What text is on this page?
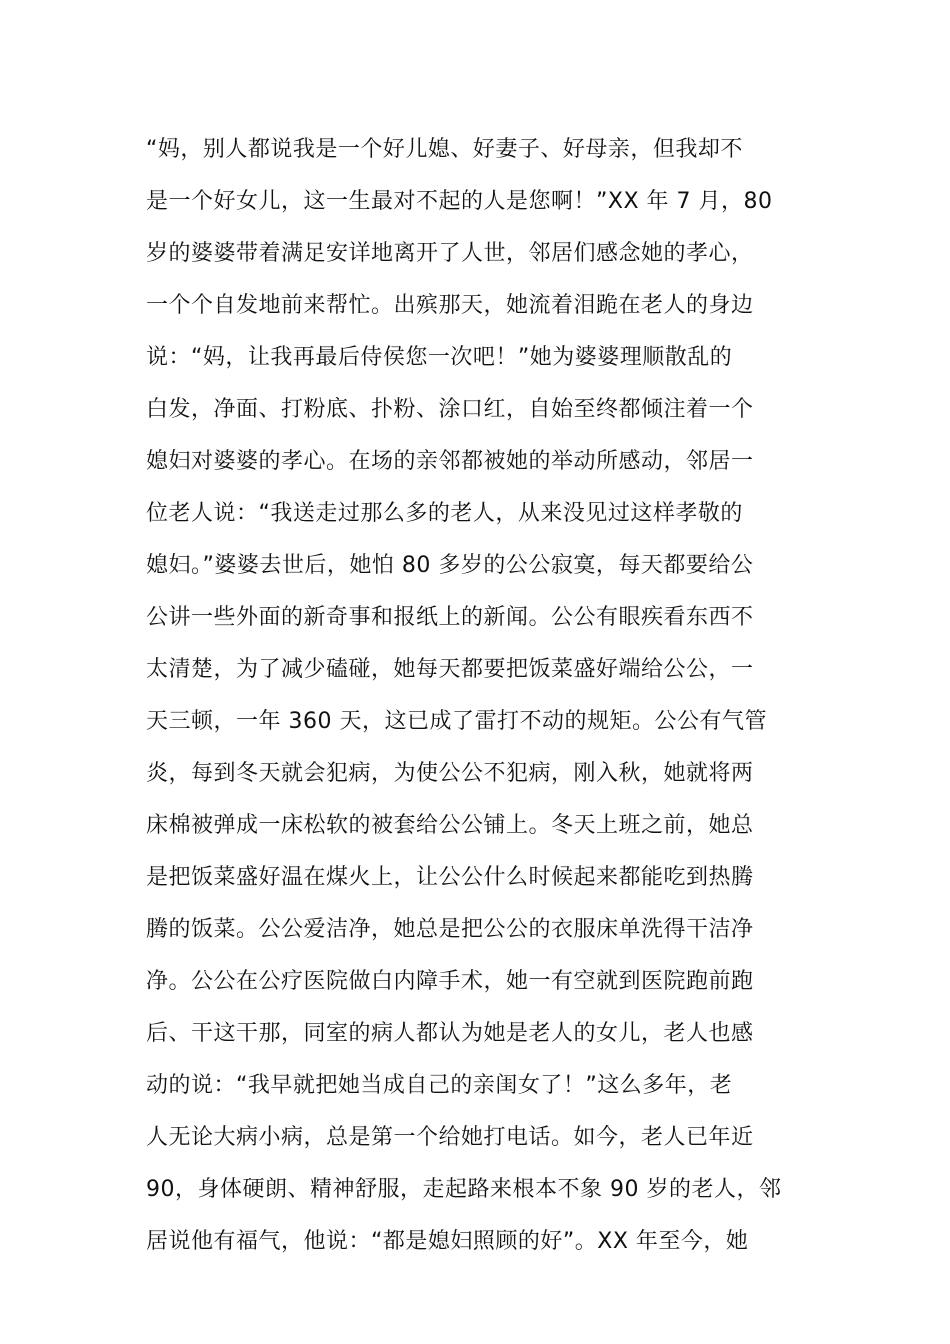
“妈，别人都说我是一个好儿媳、好妻子、好母亲，但我却不
是一个好女儿，这一生最对不起的人是您啊！”XX 年 7 月，80
岁的婆婆带着满足安详地离开了人世，邻居们感念她的孝心，
一个个自发地前来帮忙。出殡那天，她流着泪跪在老人的身边
说：“妈，让我再最后侍侯您一次吧！”她为婆婆理顺散乱的
白发，净面、打粉底、扑粉、涂口红，自始至终都倾注着一个
媳妇对婆婆的孝心。在场的亲邻都被她的举动所感动，邻居一
位老人说：“我送走过那么多的老人，从来没见过这样孝敬的
媳妇。”婆婆去世后，她怕 80 多岁的公公寂寞，每天都要给公
公讲一些外面的新奇事和报纸上的新闻。公公有眼疾看东西不
太清楚，为了减少磕碰，她每天都要把饭菜盛好端给公公，一
天三顿，一年 360 天，这已成了雷打不动的规矩。公公有气管
炎，每到冬天就会犯病，为使公公不犯病，刚入秋，她就将两
床棉被弹成一床松软的被套给公公铺上。冬天上班之前，她总
是把饭菜盛好温在煤火上，让公公什么时候起来都能吃到热腾
腾的饭菜。公公爱洁净，她总是把公公的衣服床单洗得干洁净
净。公公在公疗医院做白内障手术，她一有空就到医院跑前跑
后、干这干那，同室的病人都认为她是老人的女儿，老人也感
动的说：“我早就把她当成自己的亲闺女了！”这么多年，老
人无论大病小病，总是第一个给她打电话。如今，老人已年近
90，身体硬朗、精神舒服，走起路来根本不象 90 岁的老人，邻
居说他有福气，他说：“都是媳妇照顾的好”。XX 年至今，她
